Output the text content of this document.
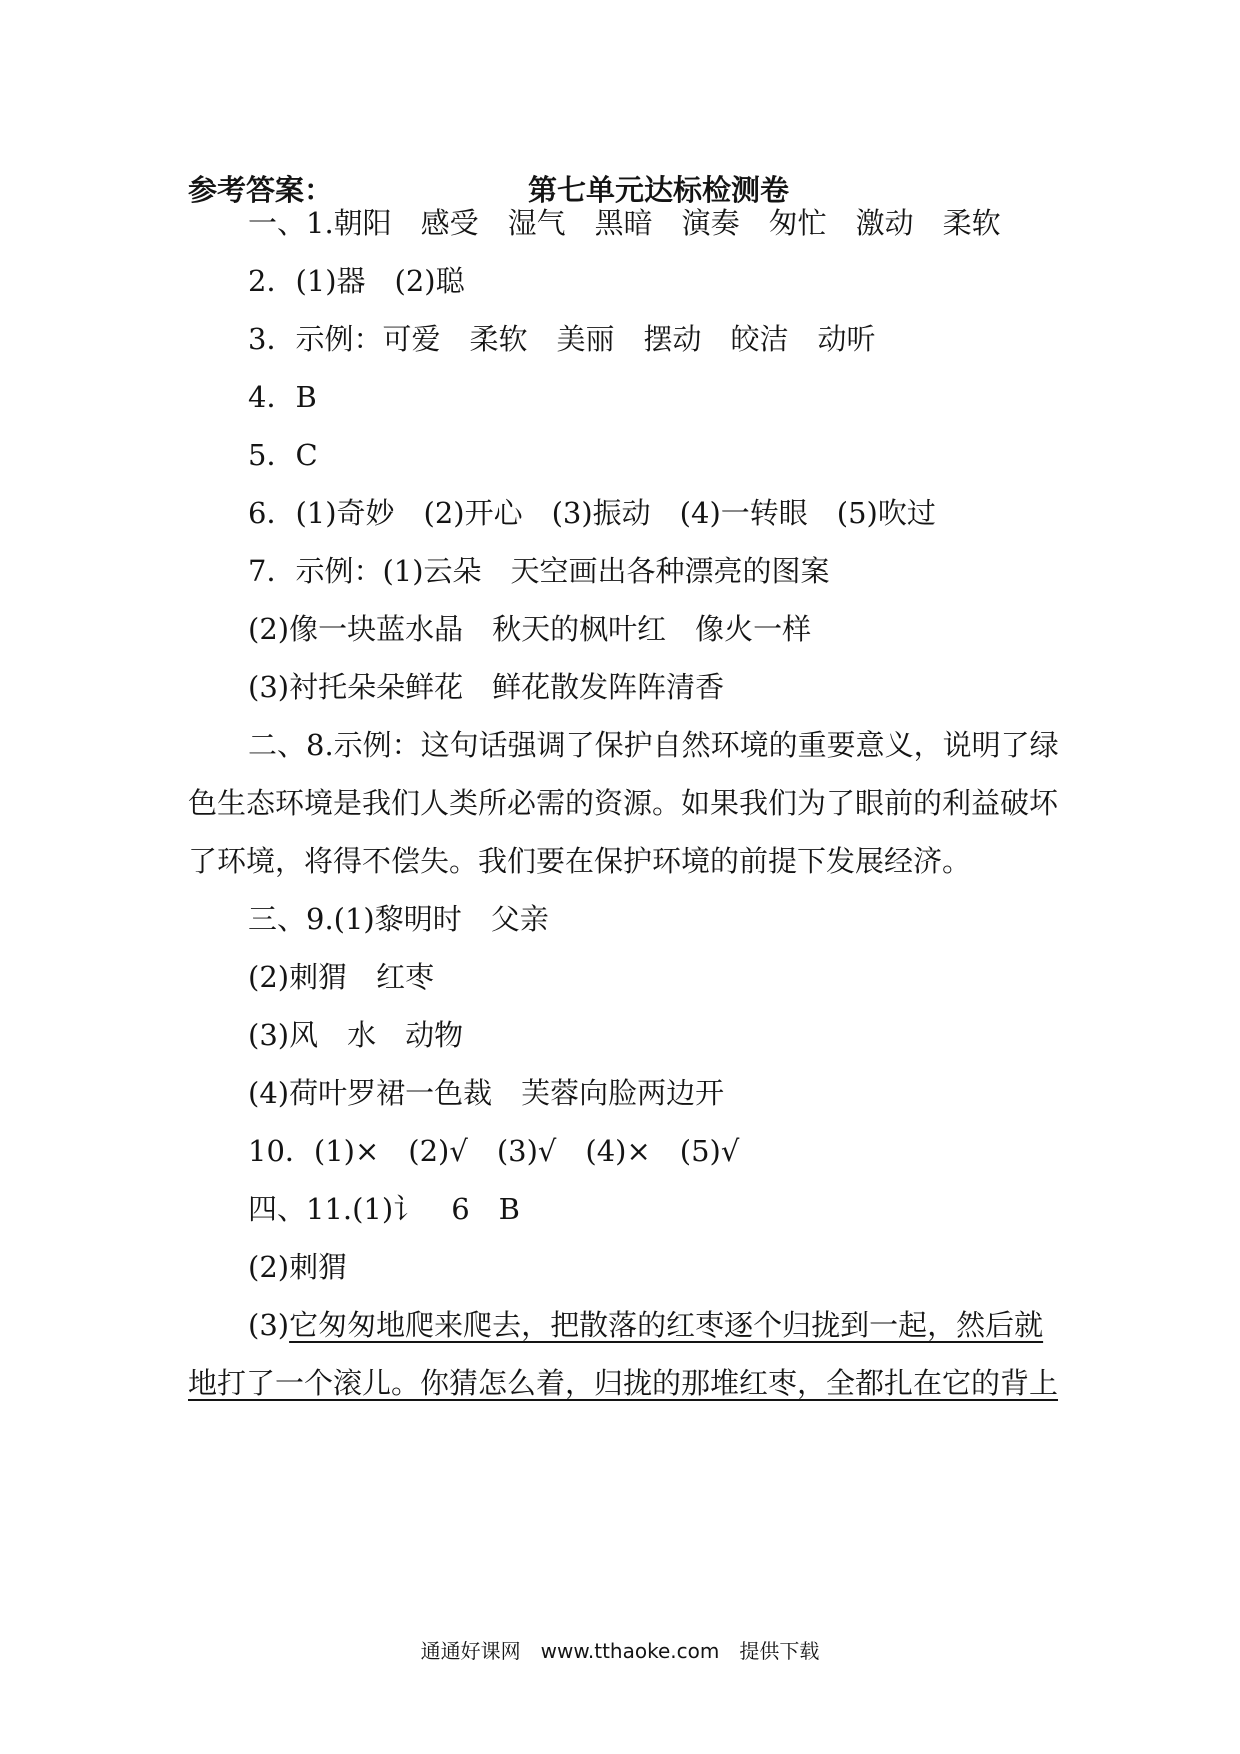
参考答案：	第七单元达标检测卷
一、1.朝阳　感受　湿气　黑暗　演奏　匆忙　激动　柔软
2．(1)器　(2)聪
3．示例：可爱　柔软　美丽　摆动　皎洁　动听
4．B
5．C
6．(1)奇妙　(2)开心　(3)振动　(4)一转眼　(5)吹过
7．示例：(1)云朵　天空画出各种漂亮的图案
(2)像一块蓝水晶　秋天的枫叶红　像火一样
(3)衬托朵朵鲜花　鲜花散发阵阵清香
二、8.示例：这句话强调了保护自然环境的重要意义，说明了绿
色生态环境是我们人类所必需的资源。如果我们为了眼前的利益破坏
了环境，将得不偿失。我们要在保护环境的前提下发展经济。
三、9.(1)黎明时　父亲
(2)刺猬　红枣
(3)风　水　动物
(4)荷叶罗裙一色裁　芙蓉向脸两边开
10．(1)×　(2)√　(3)√　(4)×　(5)√
四、11.(1)讠　6　B
(2)刺猬
(3)它匆匆地爬来爬去，把散落的红枣逐个归拢到一起，然后就
地打了一个滚儿。你猜怎么着，归拢的那堆红枣，全都扎在它的背上
通通好课网　www.tthaoke.com　提供下载
